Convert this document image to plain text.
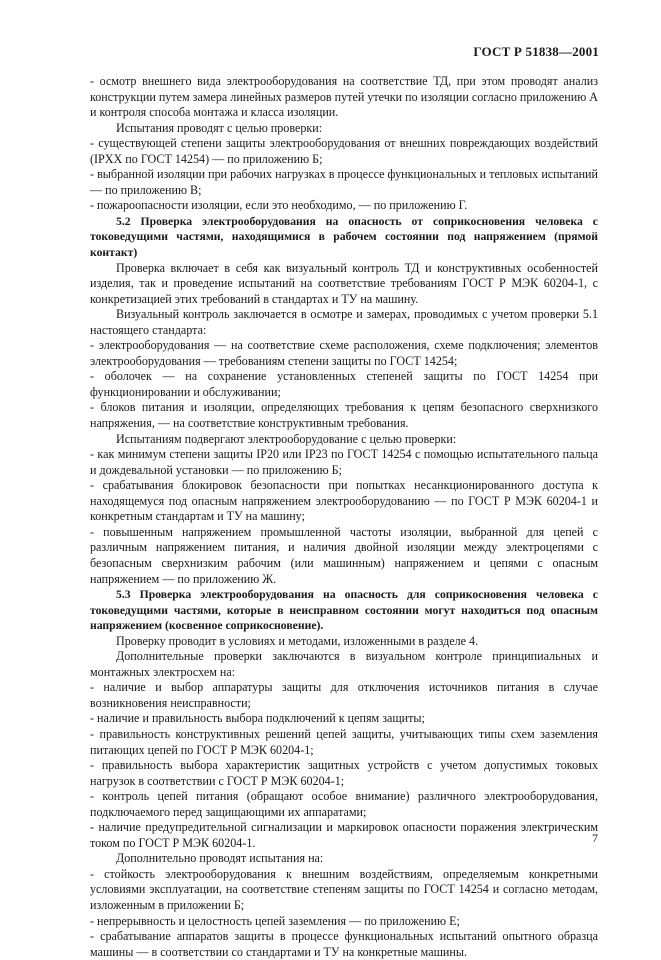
ГОСТ Р 51838—2001

- осмотр внешнего вида электрооборудования на соответствие ТД, при этом проводят анализ конструкции путем замера линейных размеров путей утечки по изоляции согласно приложению А и контроля способа монтажа и класса изоляции.

Испытания проводят с целью проверки:

- существующей степени защиты электрооборудования от внешних повреждающих воздействий (IPXX по ГОСТ 14254) — по приложению Б;

- выбранной изоляции при рабочих нагрузках в процессе функциональных и тепловых испытаний — по приложению В;

- пожароопасности изоляции, если это необходимо, — по приложению Г.

5.2 Проверка электрооборудования на опасность от соприкосновения человека с токоведущими частями, находящимися в рабочем состоянии под напряжением (прямой контакт)

Проверка включает в себя как визуальный контроль ТД и конструктивных особенностей изделия, так и проведение испытаний на соответствие требованиям ГОСТ Р МЭК 60204-1, с конкретизацией этих требований в стандартах и ТУ на машину.

Визуальный контроль заключается в осмотре и замерах, проводимых с учетом проверки 5.1 настоящего стандарта:

- электрооборудования — на соответствие схеме расположения, схеме подключения; элементов электрооборудования — требованиям степени защиты по ГОСТ 14254;

- оболочек — на сохранение установленных степеней защиты по ГОСТ 14254 при функционировании и обслуживании;

- блоков питания и изоляции, определяющих требования к цепям безопасного сверхнизкого напряжения, — на соответствие конструктивным требования.

Испытаниям подвергают электрооборудование с целью проверки:

- как минимум степени защиты IP20 или IP23 по ГОСТ 14254 с помощью испытательного пальца и дождевальной установки — по приложению Б;

- срабатывания блокировок безопасности при попытках несанкционированного доступа к находящемуся под опасным напряжением электрооборудованию — по ГОСТ Р МЭК 60204-1 и конкретным стандартам и ТУ на машину;

- повышенным напряжением промышленной частоты изоляции, выбранной для цепей с различным напряжением питания, и наличия двойной изоляции между электроцепями с безопасным сверхнизким рабочим (или машинным) напряжением и цепями с опасным напряжением — по приложению Ж.

5.3 Проверка электрооборудования на опасность для соприкосновения человека с токоведущими частями, которые в неисправном состоянии могут находиться под опасным напряжением (косвенное соприкосновение).

Проверку проводит в условиях и методами, изложенными в разделе 4.

Дополнительные проверки заключаются в визуальном контроле принципиальных и монтажных электросхем на:

- наличие и выбор аппаратуры защиты для отключения источников питания в случае возникновения неисправности;

- наличие и правильность выбора подключений к цепям защиты;

- правильность конструктивных решений цепей защиты, учитывающих типы схем заземления питающих цепей по ГОСТ Р МЭК 60204-1;

- правильность выбора характеристик защитных устройств с учетом допустимых токовых нагрузок в соответствии с ГОСТ Р МЭК 60204-1;

- контроль цепей питания (обращают особое внимание) различного электрооборудования, подключаемого перед защищающими их аппаратами;

- наличие предупредительной сигнализации и маркировок опасности поражения электрическим током по ГОСТ Р МЭК 60204-1.

Дополнительно проводят испытания на:

- стойкость электрооборудования к внешним воздействиям, определяемым конкретными условиями эксплуатации, на соответствие степеням защиты по ГОСТ 14254 и согласно методам, изложенным в приложении Б;

- непрерывность и целостность цепей заземления — по приложению Е;

- срабатывание аппаратов защиты в процессе функциональных испытаний опытного образца машины — в соответствии со стандартами и ТУ на конкретные машины.

7
